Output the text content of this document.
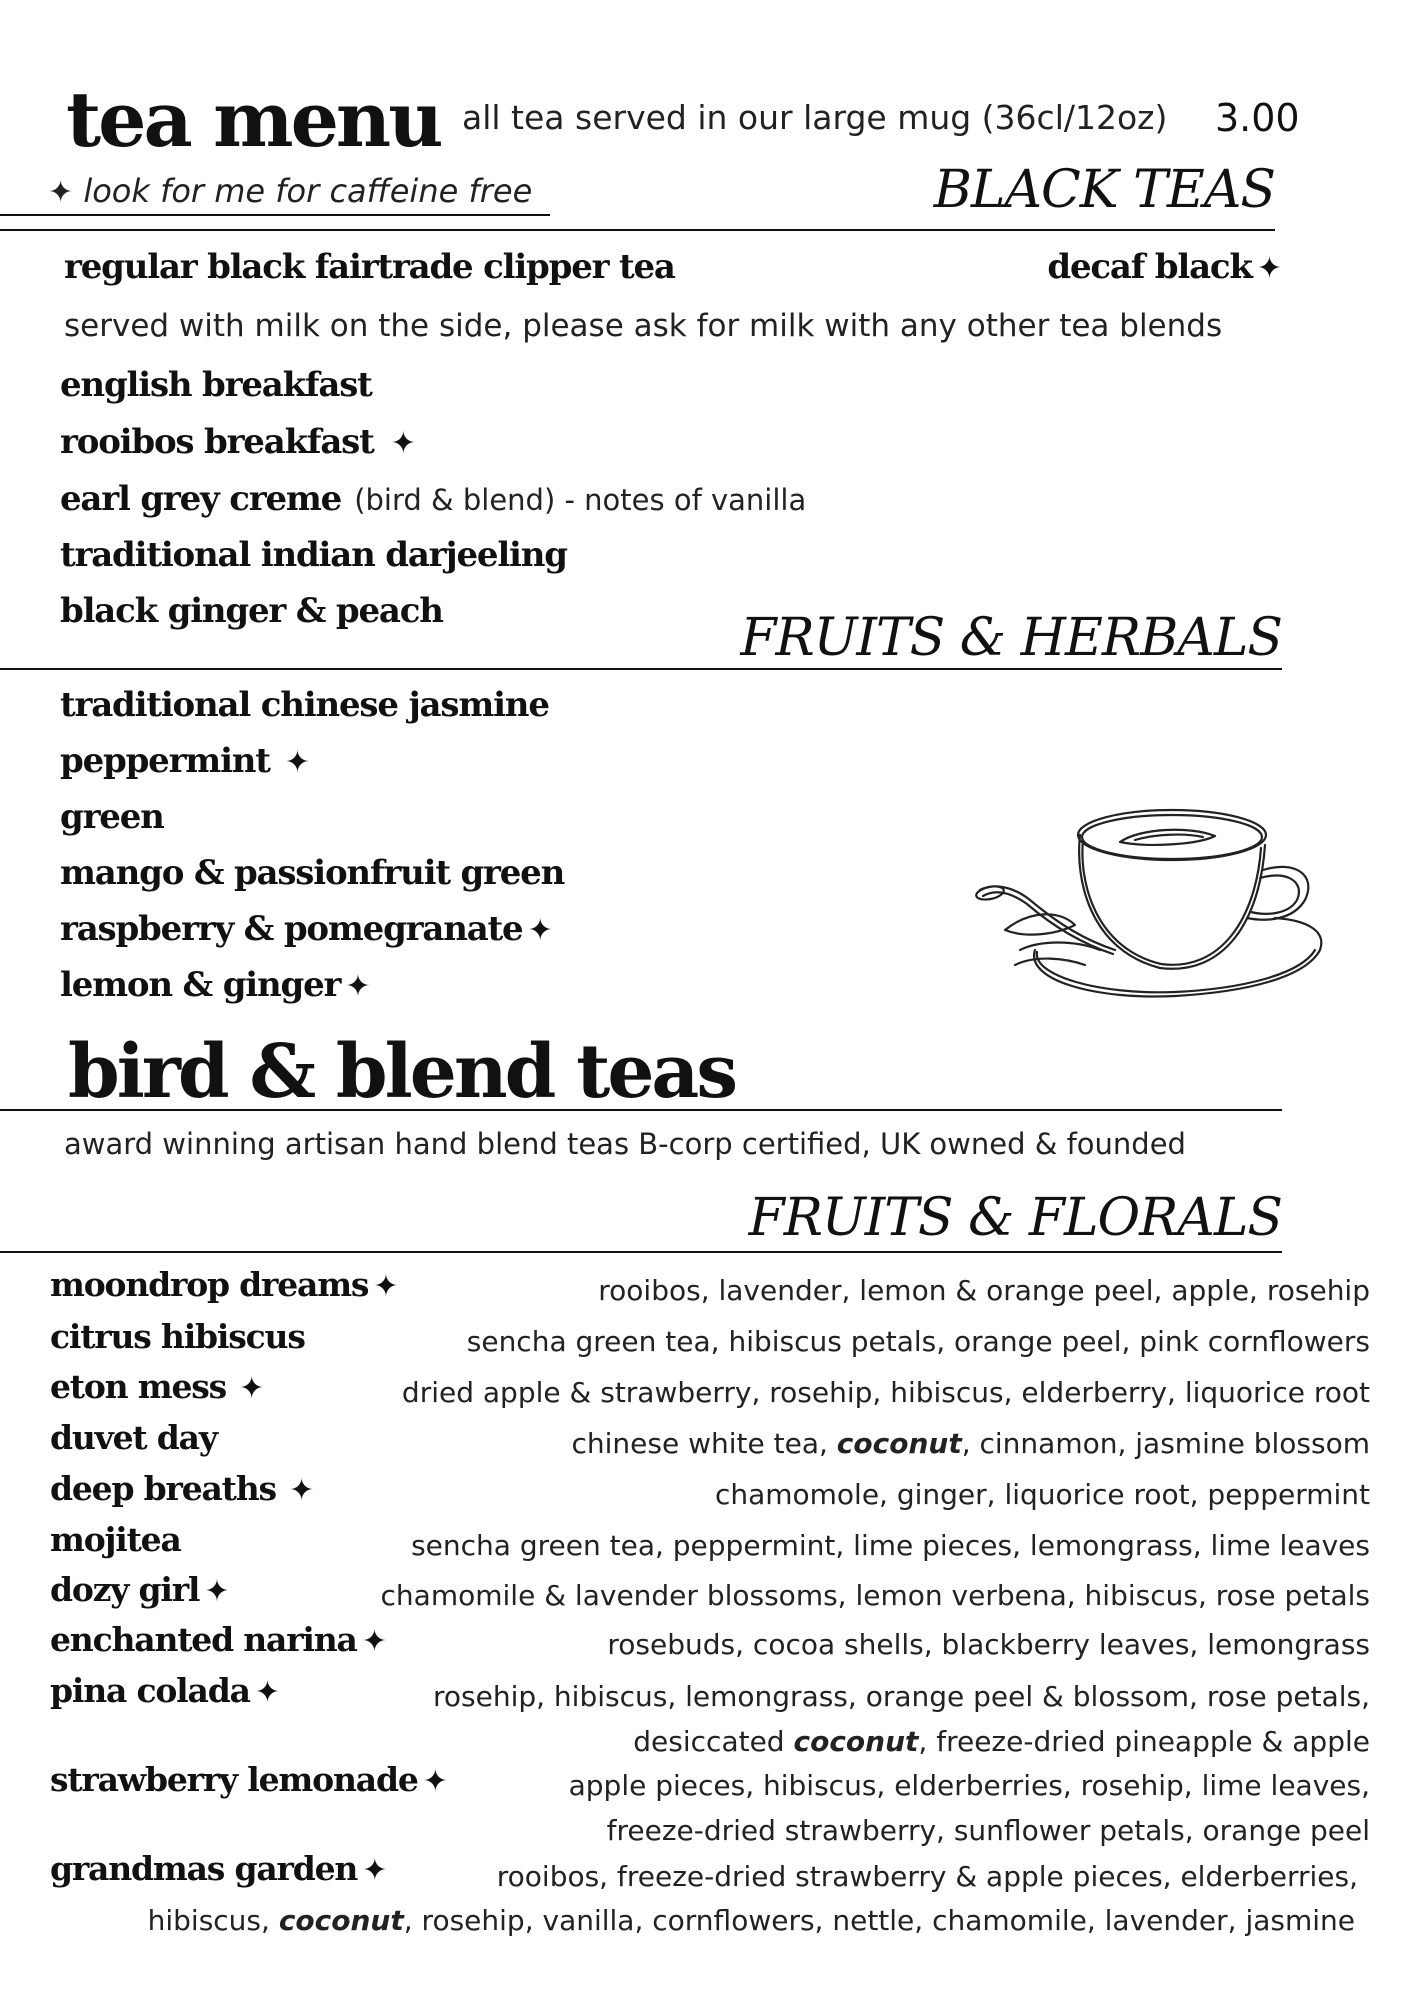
tea menu all tea served in our large mug (36cl/12oz) 3.00
✦ look for me for caffeine free	BLACK TEAS
regular black fairtrade clipper tea	decaf black ✦
served with milk on the side, please ask for milk with any other tea blends
english breakfast
rooibos breakfast ✦
earl grey creme (bird & blend) - notes of vanilla
traditional indian darjeeling
black ginger & peach	FRUITS & HERBALS
traditional chinese jasmine
peppermint ✦
green
mango & passionfruit green
raspberry & pomegranate ✦
lemon & ginger ✦
bird & blend teas
award winning artisan hand blend teas B-corp certified, UK owned & founded
FRUITS & FLORALS
moondrop dreams ✦	rooibos, lavender, lemon & orange peel, apple, rosehip
citrus hibiscus	sencha green tea, hibiscus petals, orange peel, pink cornflowers
eton mess ✦	dried apple & strawberry, rosehip, hibiscus, elderberry, liquorice root
duvet day	chinese white tea, coconut, cinnamon, jasmine blossom
deep breaths ✦	chamomole, ginger, liquorice root, peppermint
mojitea	sencha green tea, peppermint, lime pieces, lemongrass, lime leaves
dozy girl ✦	chamomile & lavender blossoms, lemon verbena, hibiscus, rose petals
enchanted narina ✦	rosebuds, cocoa shells, blackberry leaves, lemongrass
pina colada ✦	rosehip, hibiscus, lemongrass, orange peel & blossom, rose petals,
desiccated coconut, freeze-dried pineapple & apple
strawberry lemonade ✦	apple pieces, hibiscus, elderberries, rosehip, lime leaves,
freeze-dried strawberry, sunflower petals, orange peel
grandmas garden ✦	rooibos, freeze-dried strawberry & apple pieces, elderberries,
hibiscus, coconut, rosehip, vanilla, cornflowers, nettle, chamomile, lavender, jasmine
